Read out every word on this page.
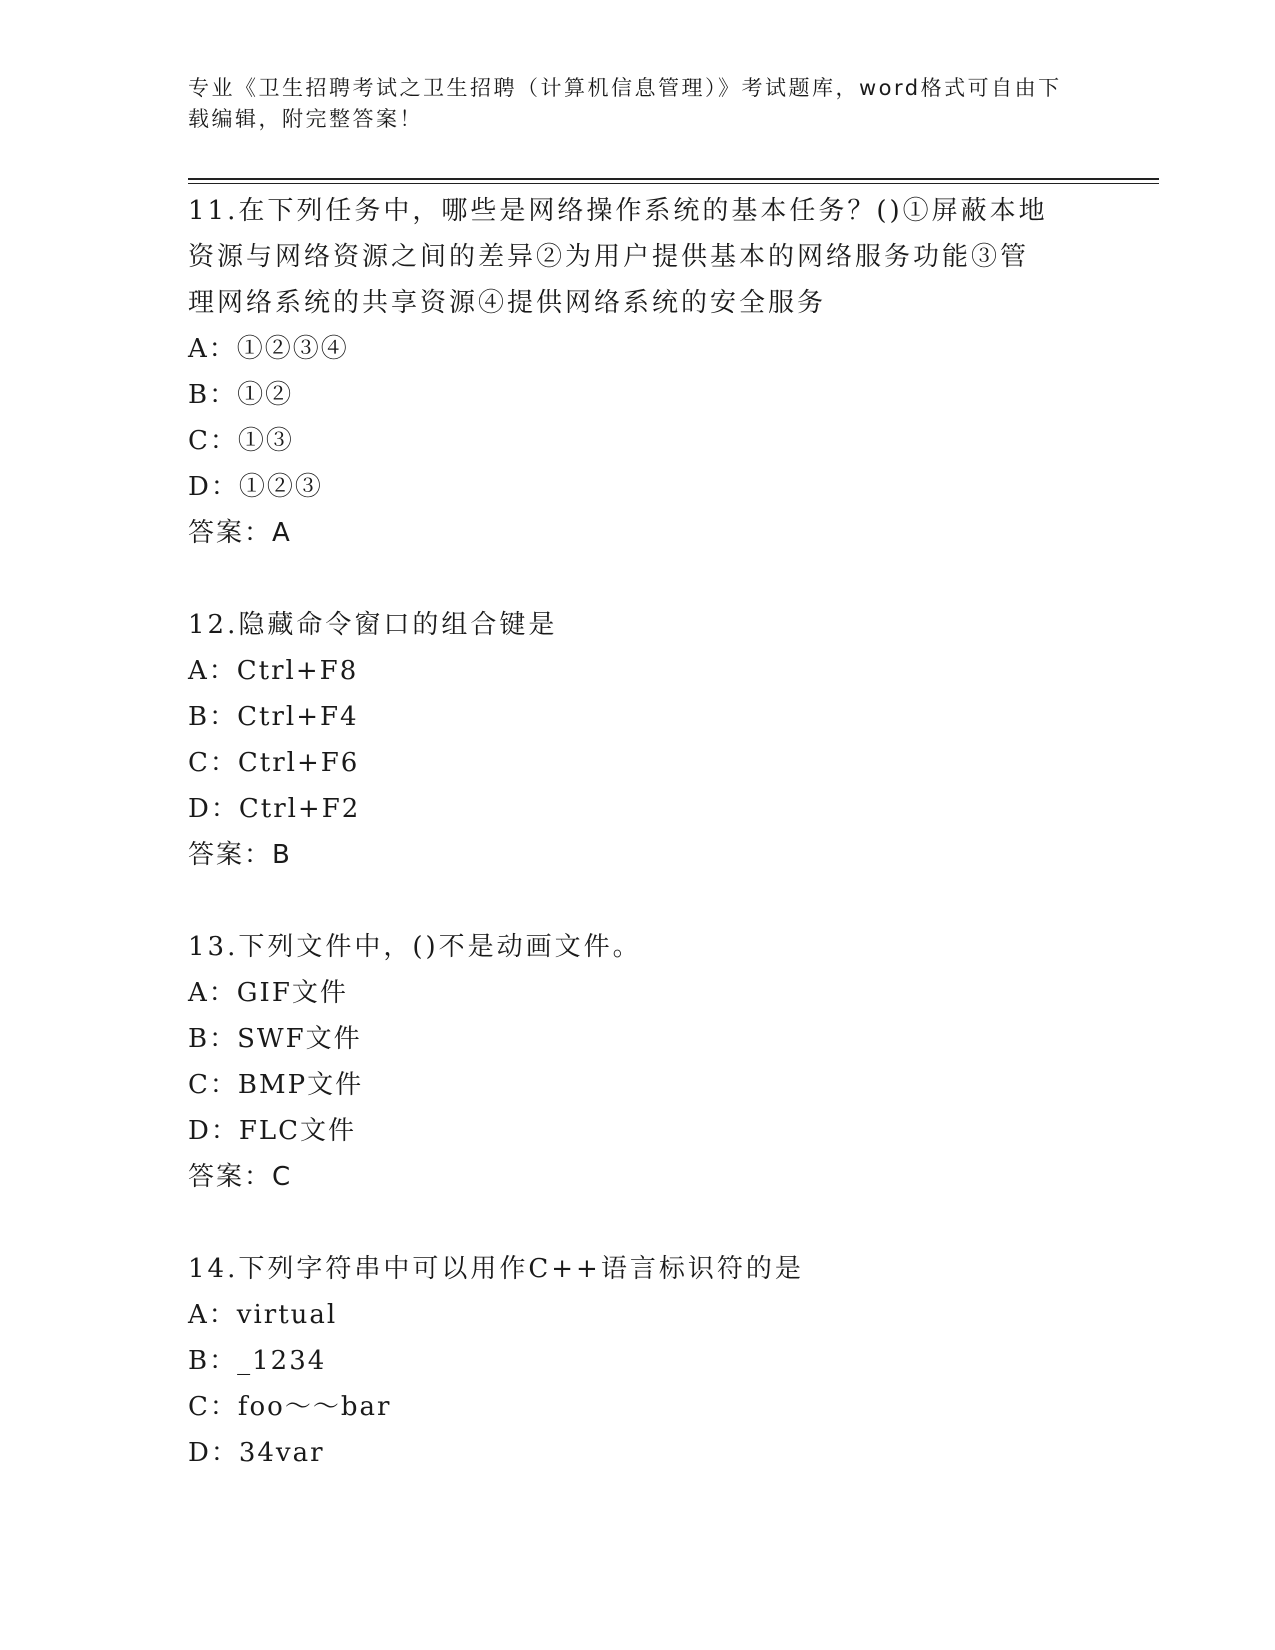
专业《卫生招聘考试之卫生招聘（计算机信息管理）》考试题库，word格式可自由下载编辑，附完整答案！
11.在下列任务中，哪些是网络操作系统的基本任务？()①屏蔽本地资源与网络资源之间的差异②为用户提供基本的网络服务功能③管理网络系统的共享资源④提供网络系统的安全服务
A：①②③④
B：①②
C：①③
D：①②③
答案：A
12.隐藏命令窗口的组合键是
A：Ctrl+F8
B：Ctrl+F4
C：Ctrl+F6
D：Ctrl+F2
答案：B
13.下列文件中，()不是动画文件。
A：GIF文件
B：SWF文件
C：BMP文件
D：FLC文件
答案：C
14.下列字符串中可以用作C++语言标识符的是
A：virtual
B：_1234
C：foo～～bar
D：34var
